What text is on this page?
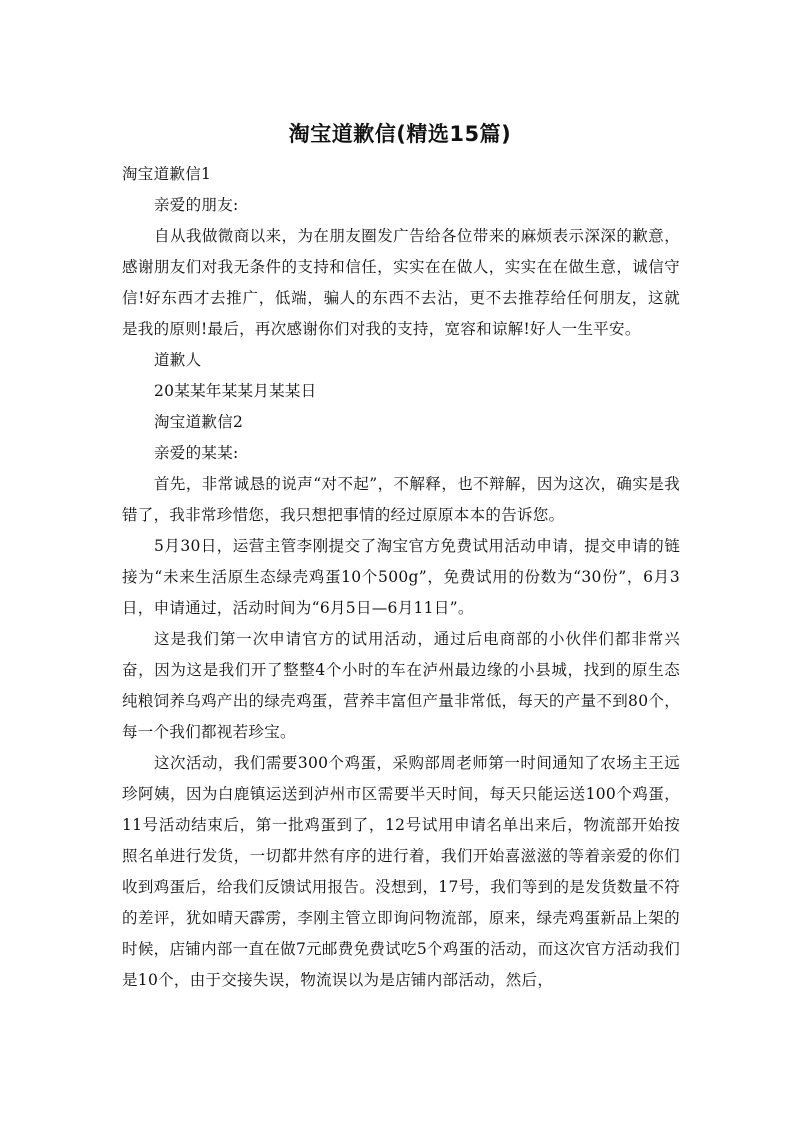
淘宝道歉信(精选15篇)

淘宝道歉信1

亲爱的朋友:

自从我做微商以来，为在朋友圈发广告给各位带来的麻烦表示深深的歉意，感谢朋友们对我无条件的支持和信任，实实在在做人，实实在在做生意，诚信守信!好东西才去推广，低端，骗人的东西不去沾，更不去推荐给任何朋友，这就是我的原则!最后，再次感谢你们对我的支持，宽容和谅解!好人一生平安。

道歉人

20某某年某某月某某日

淘宝道歉信2

亲爱的某某:

首先，非常诚恳的说声“对不起”，不解释，也不辩解，因为这次，确实是我错了，我非常珍惜您，我只想把事情的经过原原本本的告诉您。

5月30日，运营主管李刚提交了淘宝官方免费试用活动申请，提交申请的链接为“未来生活原生态绿壳鸡蛋10个500g”，免费试用的份数为“30份”，6月3日，申请通过，活动时间为“6月5日—6月11日”。

这是我们第一次申请官方的试用活动，通过后电商部的小伙伴们都非常兴奋，因为这是我们开了整整4个小时的车在泸州最边缘的小县城，找到的原生态纯粮饲养乌鸡产出的绿壳鸡蛋，营养丰富但产量非常低，每天的产量不到80个，每一个我们都视若珍宝。

这次活动，我们需要300个鸡蛋，采购部周老师第一时间通知了农场主王远珍阿姨，因为白鹿镇运送到泸州市区需要半天时间，每天只能运送100个鸡蛋，11号活动结束后，第一批鸡蛋到了，12号试用申请名单出来后，物流部开始按照名单进行发货，一切都井然有序的进行着，我们开始喜滋滋的等着亲爱的你们收到鸡蛋后，给我们反馈试用报告。没想到，17号，我们等到的是发货数量不符的差评，犹如晴天霹雳，李刚主管立即询问物流部，原来，绿壳鸡蛋新品上架的时候，店铺内部一直在做7元邮费免费试吃5个鸡蛋的活动，而这次官方活动我们是10个，由于交接失误，物流误以为是店铺内部活动，然后，
